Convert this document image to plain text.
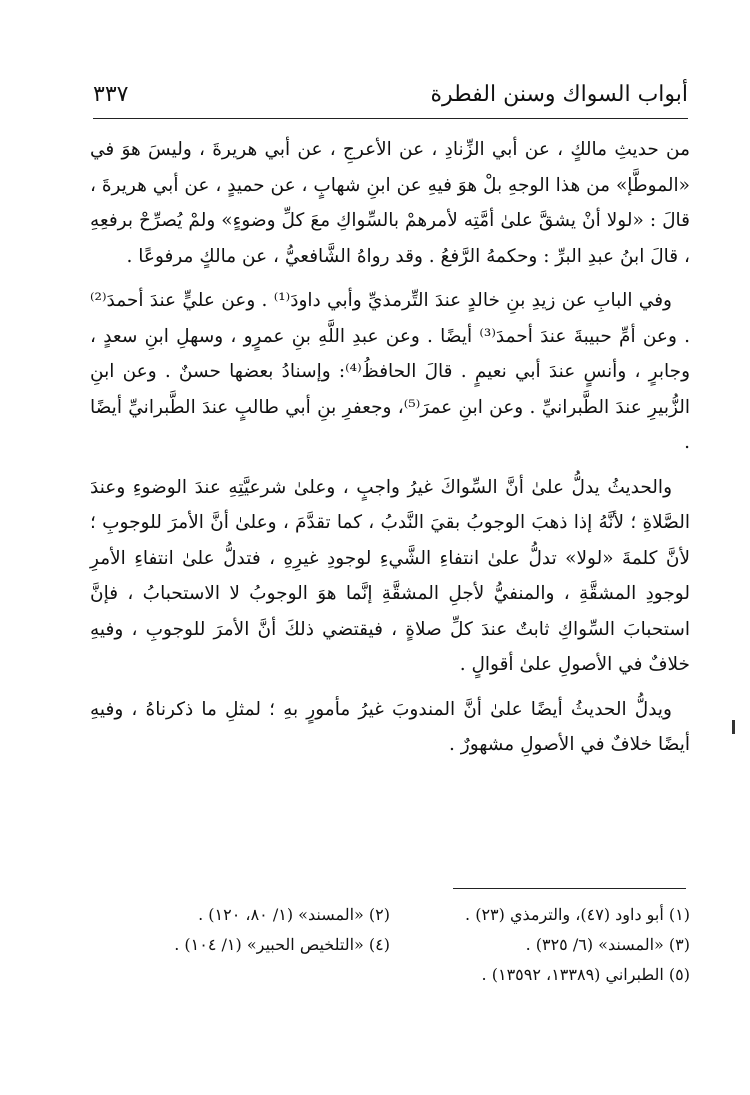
أبواب السواك وسنن الفطرة
٣٣٧

من حديثِ مالكٍ ، عن أبي الزِّنادِ ، عن الأعرجِ ، عن أبي هريرةَ ، وليسَ هوَ في «الموطَّإ» من هذا الوجهِ بلْ هوَ فيهِ عن ابنِ شهابٍ ، عن حميدٍ ، عن أبي هريرةَ ، قالَ : «لولا أنْ يشقَّ علىٰ أمَّتِه لأمرهمْ بالسِّواكِ معَ كلِّ وضوءٍ» ولمْ يُصرِّحْ برفعِهِ ، قالَ ابنُ عبدِ البرِّ : وحكمهُ الرَّفعُ . وقد رواهُ الشَّافعيُّ ، عن مالكٍ مرفوعًا .

وفي البابِ عن زيدِ بنِ خالدٍ عندَ التِّرمذيِّ وأبي داودَ⁽¹⁾ . وعن عليٍّ عندَ أحمدَ⁽²⁾ . وعن أمِّ حبيبةَ عندَ أحمدَ⁽³⁾ أيضًا . وعن عبدِ اللَّهِ بنِ عمرٍو ، وسهلِ ابنِ سعدٍ ، وجابرٍ ، وأنسٍ عندَ أبي نعيمٍ . قالَ الحافظُ⁽⁴⁾: وإسنادُ بعضها حسنٌ . وعن ابنِ الزُّبيرِ عندَ الطَّبرانيِّ . وعن ابنِ عمرَ⁽⁵⁾، وجعفرِ بنِ أبي طالبٍ عندَ الطَّبرانيِّ أيضًا .

والحديثُ يدلُّ علىٰ أنَّ السِّواكَ غيرُ واجبٍ ، وعلىٰ شرعيَّتِهِ عندَ الوضوءِ وعندَ الصَّلاةِ ؛ لأنَّهُ إذا ذهبَ الوجوبُ بقيَ النَّدبُ ، كما تقدَّمَ ، وعلىٰ أنَّ الأمرَ للوجوبِ ؛ لأنَّ كلمةَ «لولا» تدلُّ علىٰ انتفاءِ الشَّيءِ لوجودِ غيرِهِ ، فتدلُّ علىٰ انتفاءِ الأمرِ لوجودِ المشقَّةِ ، والمنفيُّ لأجلِ المشقَّةِ إنَّما هوَ الوجوبُ لا الاستحبابُ ، فإنَّ استحبابَ السِّواكِ ثابتٌ عندَ كلِّ صلاةٍ ، فيقتضي ذلكَ أنَّ الأمرَ للوجوبِ ، وفيهِ خلافٌ في الأصولِ علىٰ أقوالٍ .

ويدلُّ الحديثُ أيضًا علىٰ أنَّ المندوبَ غيرُ مأمورٍ بهِ ؛ لمثلِ ما ذكرناهُ ، وفيهِ أيضًا خلافٌ في الأصولِ مشهورٌ .

(١) أبو داود (٤٧)، والترمذي (٢٣) .
(٢) «المسند» (١/ ٨٠، ١٢٠) .
(٣) «المسند» (٦/ ٣٢٥) .
(٤) «التلخيص الحبير» (١/ ١٠٤) .
(٥) الطبراني (١٣٣٨٩، ١٣٥٩٢) .
